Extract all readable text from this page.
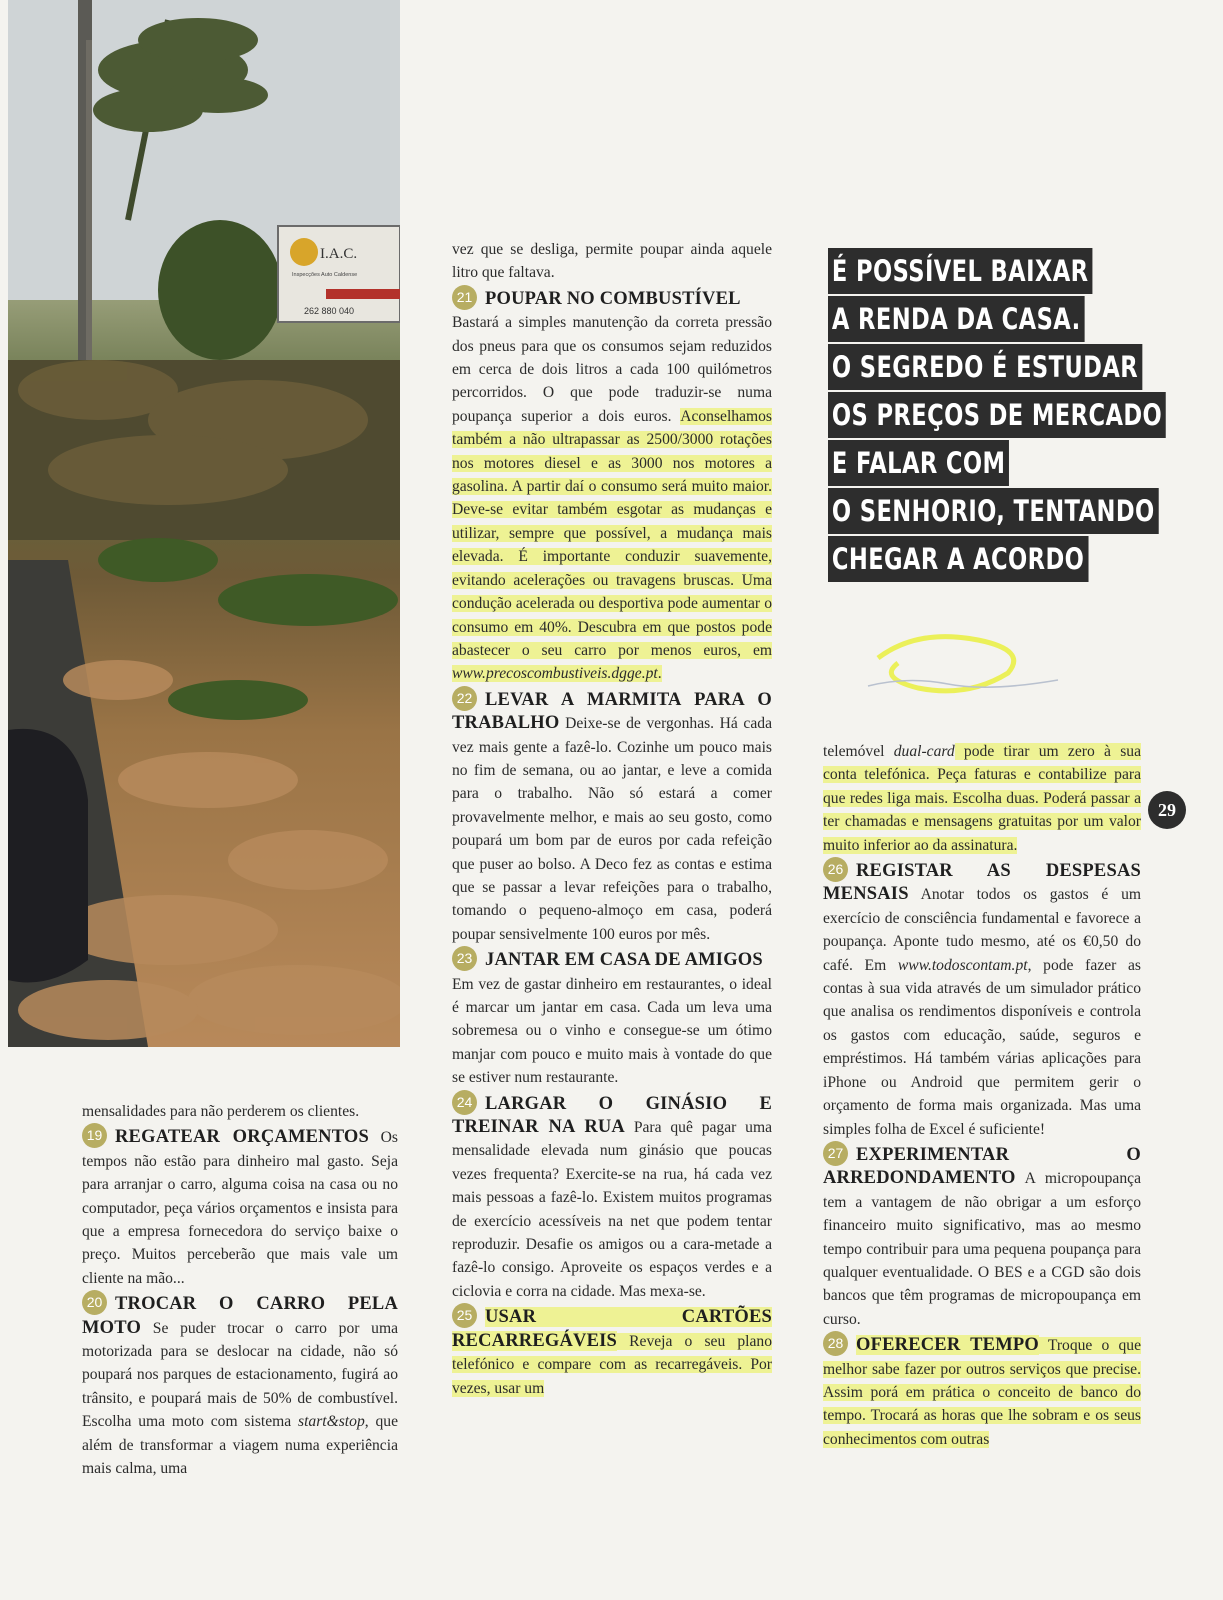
I.A.C.
Inspecções Auto Caldense
262 880 040

mensalidades para não perderem os clientes.

19 REGATEAR ORÇAMENTOS Os tempos não estão para dinheiro mal gasto. Seja para arranjar o carro, alguma coisa na casa ou no computador, peça vários orçamentos e insista para que a empresa fornecedora do serviço baixe o preço. Muitos perceberão que mais vale um cliente na mão...

20 TROCAR O CARRO PELA MOTO Se puder trocar o carro por uma motorizada para se deslocar na cidade, não só poupará nos parques de estacionamento, fugirá ao trânsito, e poupará mais de 50% de combustível. Escolha uma moto com sistema start&stop, que além de transformar a viagem numa experiência mais calma, uma

vez que se desliga, permite poupar ainda aquele litro que faltava.

21 POUPAR NO COMBUSTÍVEL
Bastará a simples manutenção da correta pressão dos pneus para que os consumos sejam reduzidos em cerca de dois litros a cada 100 quilómetros percorridos. O que pode traduzir-se numa poupança superior a dois euros. Aconselhamos também a não ultrapassar as 2500/3000 rotações nos motores diesel e as 3000 nos motores a gasolina. A partir daí o consumo será muito maior. Deve-se evitar também esgotar as mudanças e utilizar, sempre que possível, a mudança mais elevada. É importante conduzir suavemente, evitando acelerações ou travagens bruscas. Uma condução acelerada ou desportiva pode aumentar o consumo em 40%. Descubra em que postos pode abastecer o seu carro por menos euros, em www.precoscombustiveis.dgge.pt.

22 LEVAR A MARMITA PARA O TRABALHO Deixe-se de vergonhas. Há cada vez mais gente a fazê-lo. Cozinhe um pouco mais no fim de semana, ou ao jantar, e leve a comida para o trabalho. Não só estará a comer provavelmente melhor, e mais ao seu gosto, como poupará um bom par de euros por cada refeição que puser ao bolso. A Deco fez as contas e estima que se passar a levar refeições para o trabalho, tomando o pequeno-almoço em casa, poderá poupar sensivelmente 100 euros por mês.

23 JANTAR EM CASA DE AMIGOS
Em vez de gastar dinheiro em restaurantes, o ideal é marcar um jantar em casa. Cada um leva uma sobremesa ou o vinho e consegue-se um ótimo manjar com pouco e muito mais à vontade do que se estiver num restaurante.

24 LARGAR O GINÁSIO E TREINAR NA RUA Para quê pagar uma mensalidade elevada num ginásio que poucas vezes frequenta? Exercite-se na rua, há cada vez mais pessoas a fazê-lo. Existem muitos programas de exercício acessíveis na net que podem tentar reproduzir. Desafie os amigos ou a cara-metade a fazê-lo consigo. Aproveite os espaços verdes e a ciclovia e corra na cidade. Mas mexa-se.

25 USAR CARTÕES RECARREGÁVEIS Reveja o seu plano telefónico e compare com as recarregáveis. Por vezes, usar um

É POSSÍVEL BAIXAR
A RENDA DA CASA.
O SEGREDO É ESTUDAR
OS PREÇOS DE MERCADO
E FALAR COM
O SENHORIO, TENTANDO
CHEGAR A ACORDO

telemóvel dual-card pode tirar um zero à sua conta telefónica. Peça faturas e contabilize para que redes liga mais. Escolha duas. Poderá passar a ter chamadas e mensagens gratuitas por um valor muito inferior ao da assinatura.

26 REGISTAR AS DESPESAS MENSAIS Anotar todos os gastos é um exercício de consciência fundamental e favorece a poupança. Aponte tudo mesmo, até os €0,50 do café. Em www.todoscontam.pt, pode fazer as contas à sua vida através de um simulador prático que analisa os rendimentos disponíveis e controla os gastos com educação, saúde, seguros e empréstimos. Há também várias aplicações para iPhone ou Android que permitem gerir o orçamento de forma mais organizada. Mas uma simples folha de Excel é suficiente!

27 EXPERIMENTAR O ARREDONDAMENTO A micropoupança tem a vantagem de não obrigar a um esforço financeiro muito significativo, mas ao mesmo tempo contribuir para uma pequena poupança para qualquer eventualidade. O BES e a CGD são dois bancos que têm programas de micropoupança em curso.

28 OFERECER TEMPO Troque o que melhor sabe fazer por outros serviços que precise. Assim porá em prática o conceito de banco do tempo. Trocará as horas que lhe sobram e os seus conhecimentos com outras

29
